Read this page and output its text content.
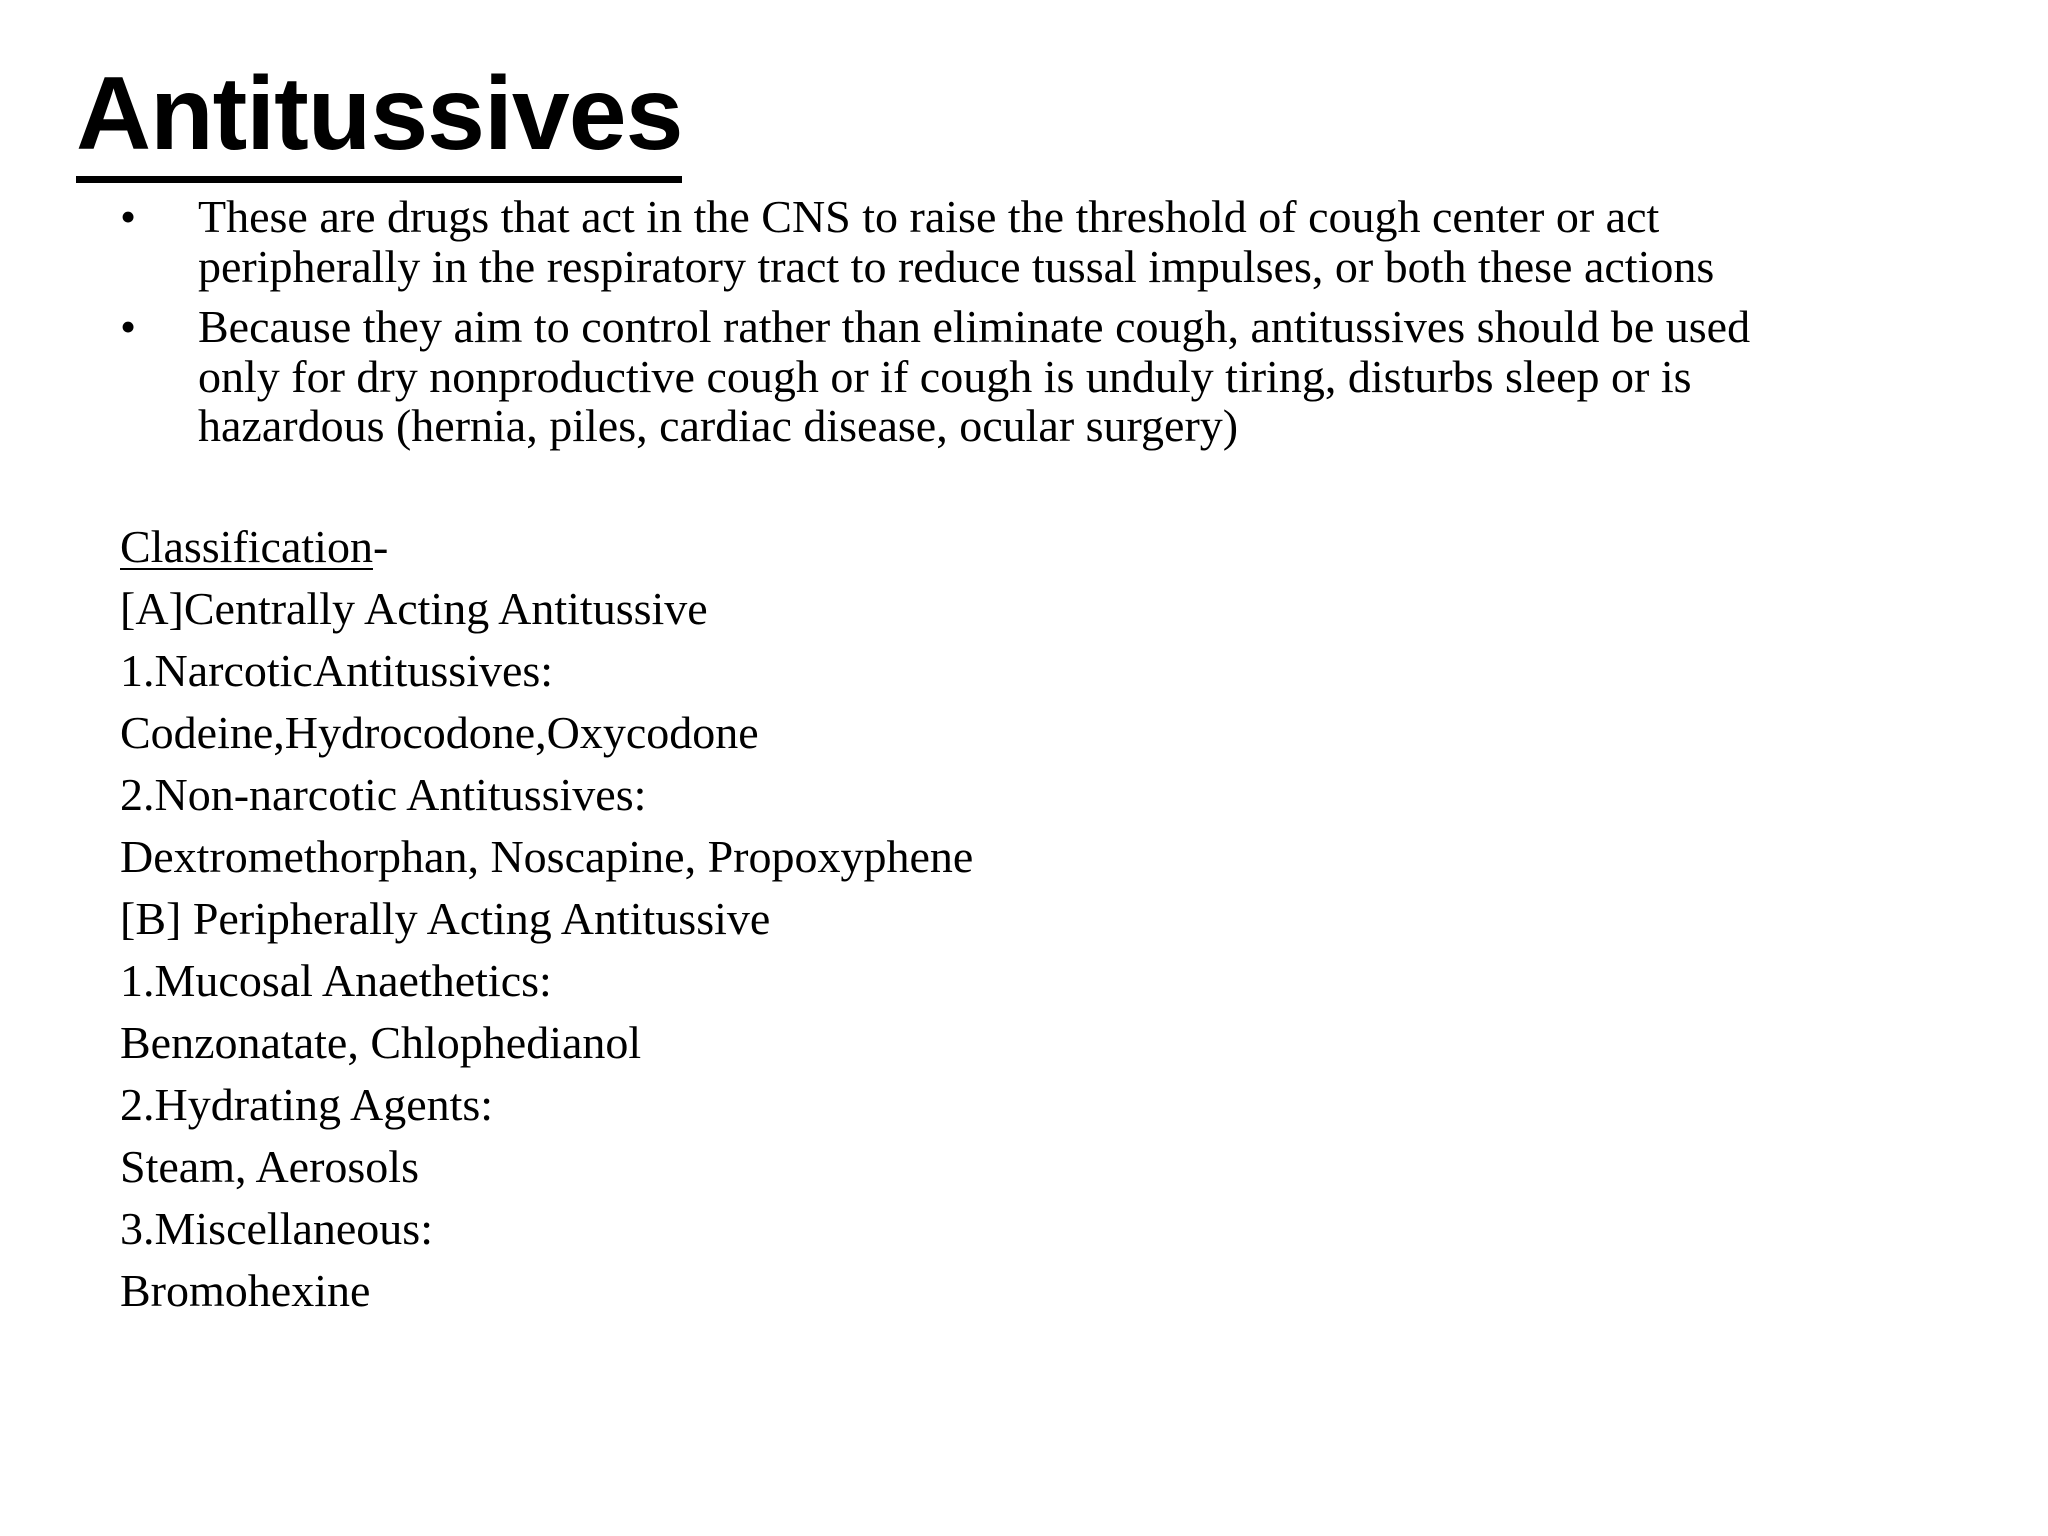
Antitussives
• These are drugs that act in the CNS to raise the threshold of cough center or act peripherally in the respiratory tract to reduce tussal impulses, or both these actions
• Because they aim to control rather than eliminate cough, antitussives should be used only for dry nonproductive cough or if cough is unduly tiring, disturbs sleep or is hazardous (hernia, piles, cardiac disease, ocular surgery)
Classification-
[A]Centrally Acting Antitussive
1.NarcoticAntitussives:
Codeine,Hydrocodone,Oxycodone
2.Non-narcotic Antitussives:
Dextromethorphan, Noscapine, Propoxyphene
[B] Peripherally Acting Antitussive
1.Mucosal Anaethetics:
Benzonatate, Chlophedianol
2.Hydrating Agents:
Steam, Aerosols
3.Miscellaneous:
Bromohexine
